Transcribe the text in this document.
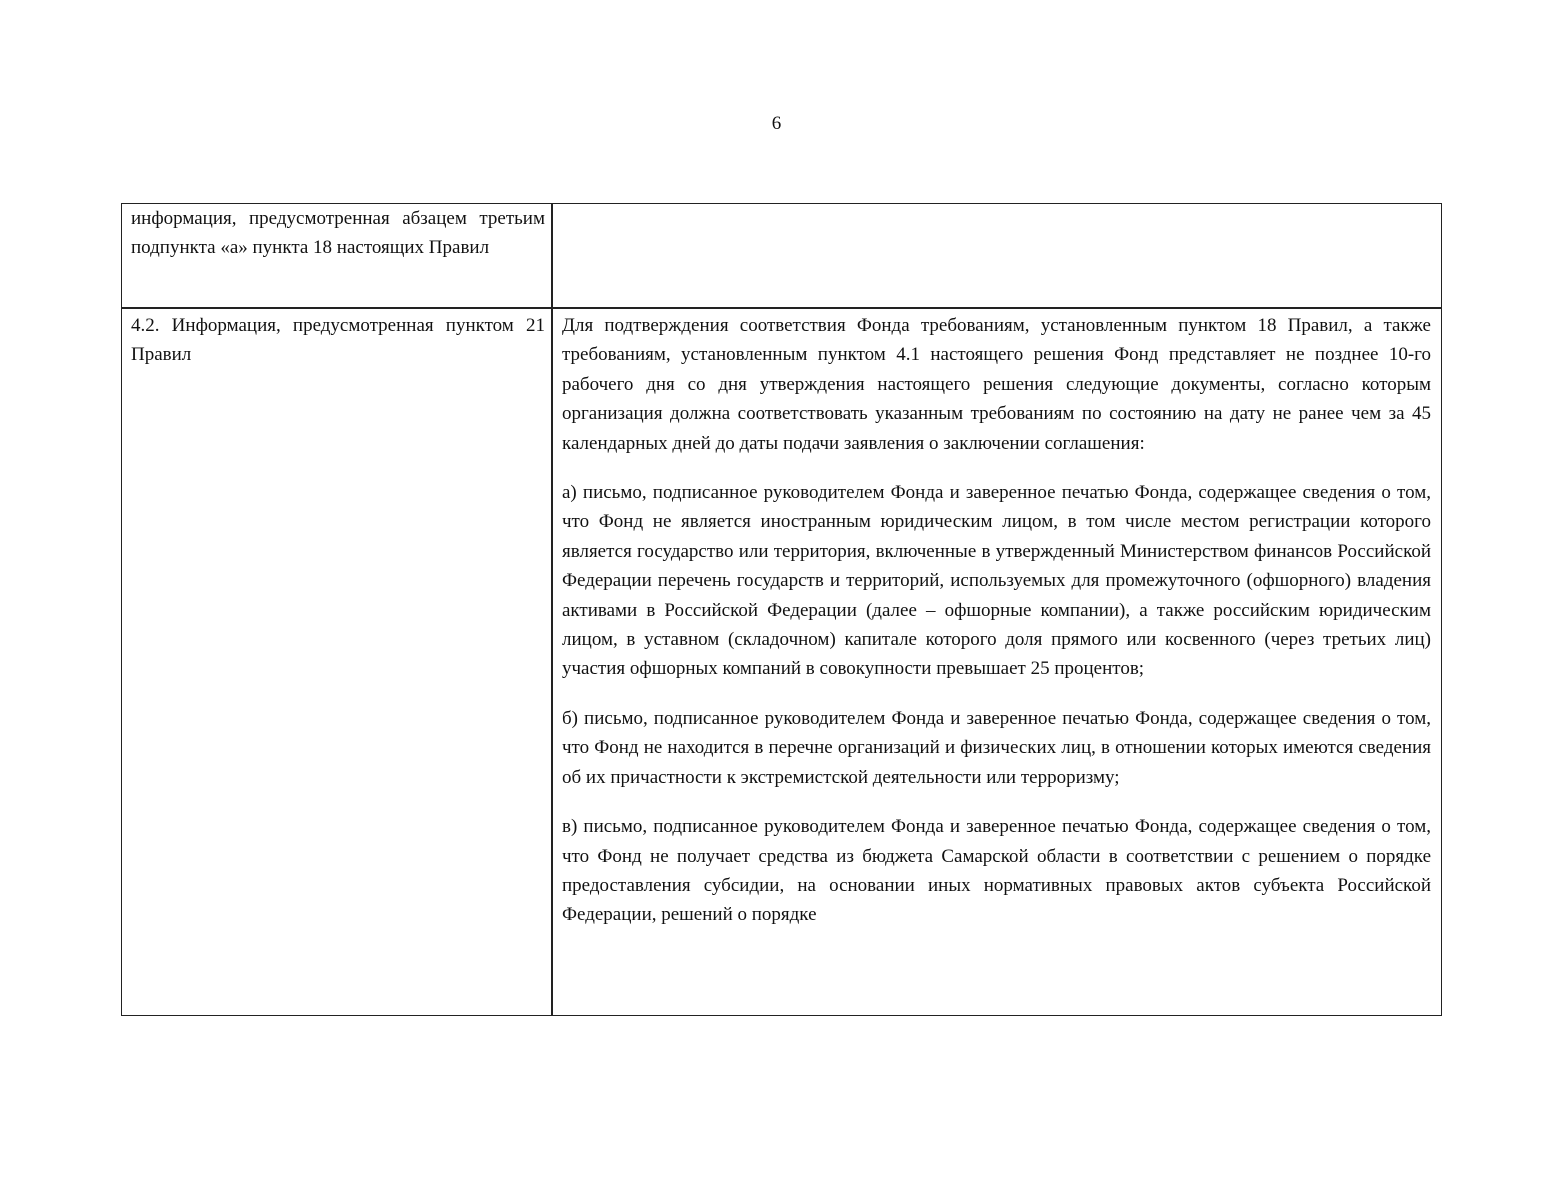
6

информация, предусмотренная абзацем третьим подпункта «а» пункта 18 настоящих Правил

4.2. Информация, предусмотренная пунктом 21 Правил

Для подтверждения соответствия Фонда требованиям, установленным пунктом 18 Правил, а также требованиям, установленным пунктом 4.1 настоящего решения Фонд представляет не позднее 10-го рабочего дня со дня утверждения настоящего решения следующие документы, согласно которым организация должна соответствовать указанным требованиям по состоянию на дату не ранее чем за 45 календарных дней до даты подачи заявления о заключении соглашения:

а) письмо, подписанное руководителем Фонда и заверенное печатью Фонда, содержащее сведения о том, что Фонд не является иностранным юридическим лицом, в том числе местом регистрации которого является государство или территория, включенные в утвержденный Министерством финансов Российской Федерации перечень государств и территорий, используемых для промежуточного (офшорного) владения активами в Российской Федерации (далее – офшорные компании), а также российским юридическим лицом, в уставном (складочном) капитале которого доля прямого или косвенного (через третьих лиц) участия офшорных компаний в совокупности превышает 25 процентов;

б) письмо, подписанное руководителем Фонда и заверенное печатью Фонда, содержащее сведения о том, что Фонд не находится в перечне организаций и физических лиц, в отношении которых имеются сведения об их причастности к экстремистской деятельности или терроризму;

в) письмо, подписанное руководителем Фонда и заверенное печатью Фонда, содержащее сведения о том, что Фонд не получает средства из бюджета Самарской области в соответствии с решением о порядке предоставления субсидии, на основании иных нормативных правовых актов субъекта Российской Федерации, решений о порядке
